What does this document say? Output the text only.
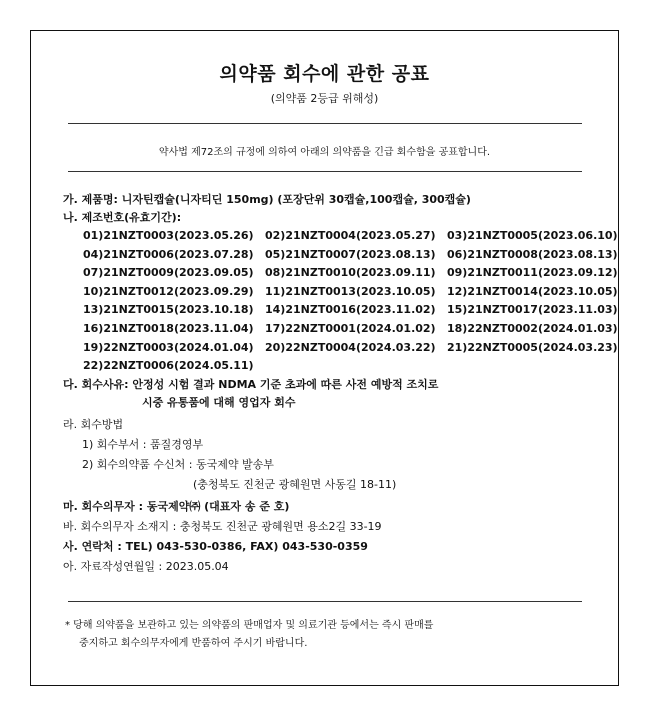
의약품 회수에 관한 공표
(의약품 2등급 위해성)
약사법 제72조의 규정에 의하여 아래의 의약품을 긴급 회수함을 공표합니다.
가. 제품명: 니자틴캡슐(니자티딘 150mg) (포장단위 30캡슐,100캡슐, 300캡슐)
나. 제조번호(유효기간):
01)21NZT0003(2023.05.26) 02)21NZT0004(2023.05.27) 03)21NZT0005(2023.06.10)
04)21NZT0006(2023.07.28) 05)21NZT0007(2023.08.13) 06)21NZT0008(2023.08.13)
07)21NZT0009(2023.09.05) 08)21NZT0010(2023.09.11) 09)21NZT0011(2023.09.12)
10)21NZT0012(2023.09.29) 11)21NZT0013(2023.10.05) 12)21NZT0014(2023.10.05)
13)21NZT0015(2023.10.18) 14)21NZT0016(2023.11.02) 15)21NZT0017(2023.11.03)
16)21NZT0018(2023.11.04) 17)22NZT0001(2024.01.02) 18)22NZT0002(2024.01.03)
19)22NZT0003(2024.01.04) 20)22NZT0004(2024.03.22) 21)22NZT0005(2024.03.23)
22)22NZT0006(2024.05.11)
다. 회수사유: 안정성 시험 결과 NDMA 기준 초과에 따른 사전 예방적 조치로
시중 유통품에 대해 영업자 회수
라. 회수방법
1) 회수부서 : 품질경영부
2) 회수의약품 수신처 : 동국제약 발송부
(충청북도 진천군 광혜원면 사동길 18-11)
마. 회수의무자 : 동국제약㈜ (대표자 송 준 호)
바. 회수의무자 소재지 : 충청북도 진천군 광혜원면 용소2길 33-19
사. 연락처 : TEL) 043-530-0386, FAX) 043-530-0359
아. 자료작성연월일 : 2023.05.04
* 당해 의약품을 보관하고 있는 의약품의 판매업자 및 의료기관 등에서는 즉시 판매를
중지하고 회수의무자에게 반품하여 주시기 바랍니다.
